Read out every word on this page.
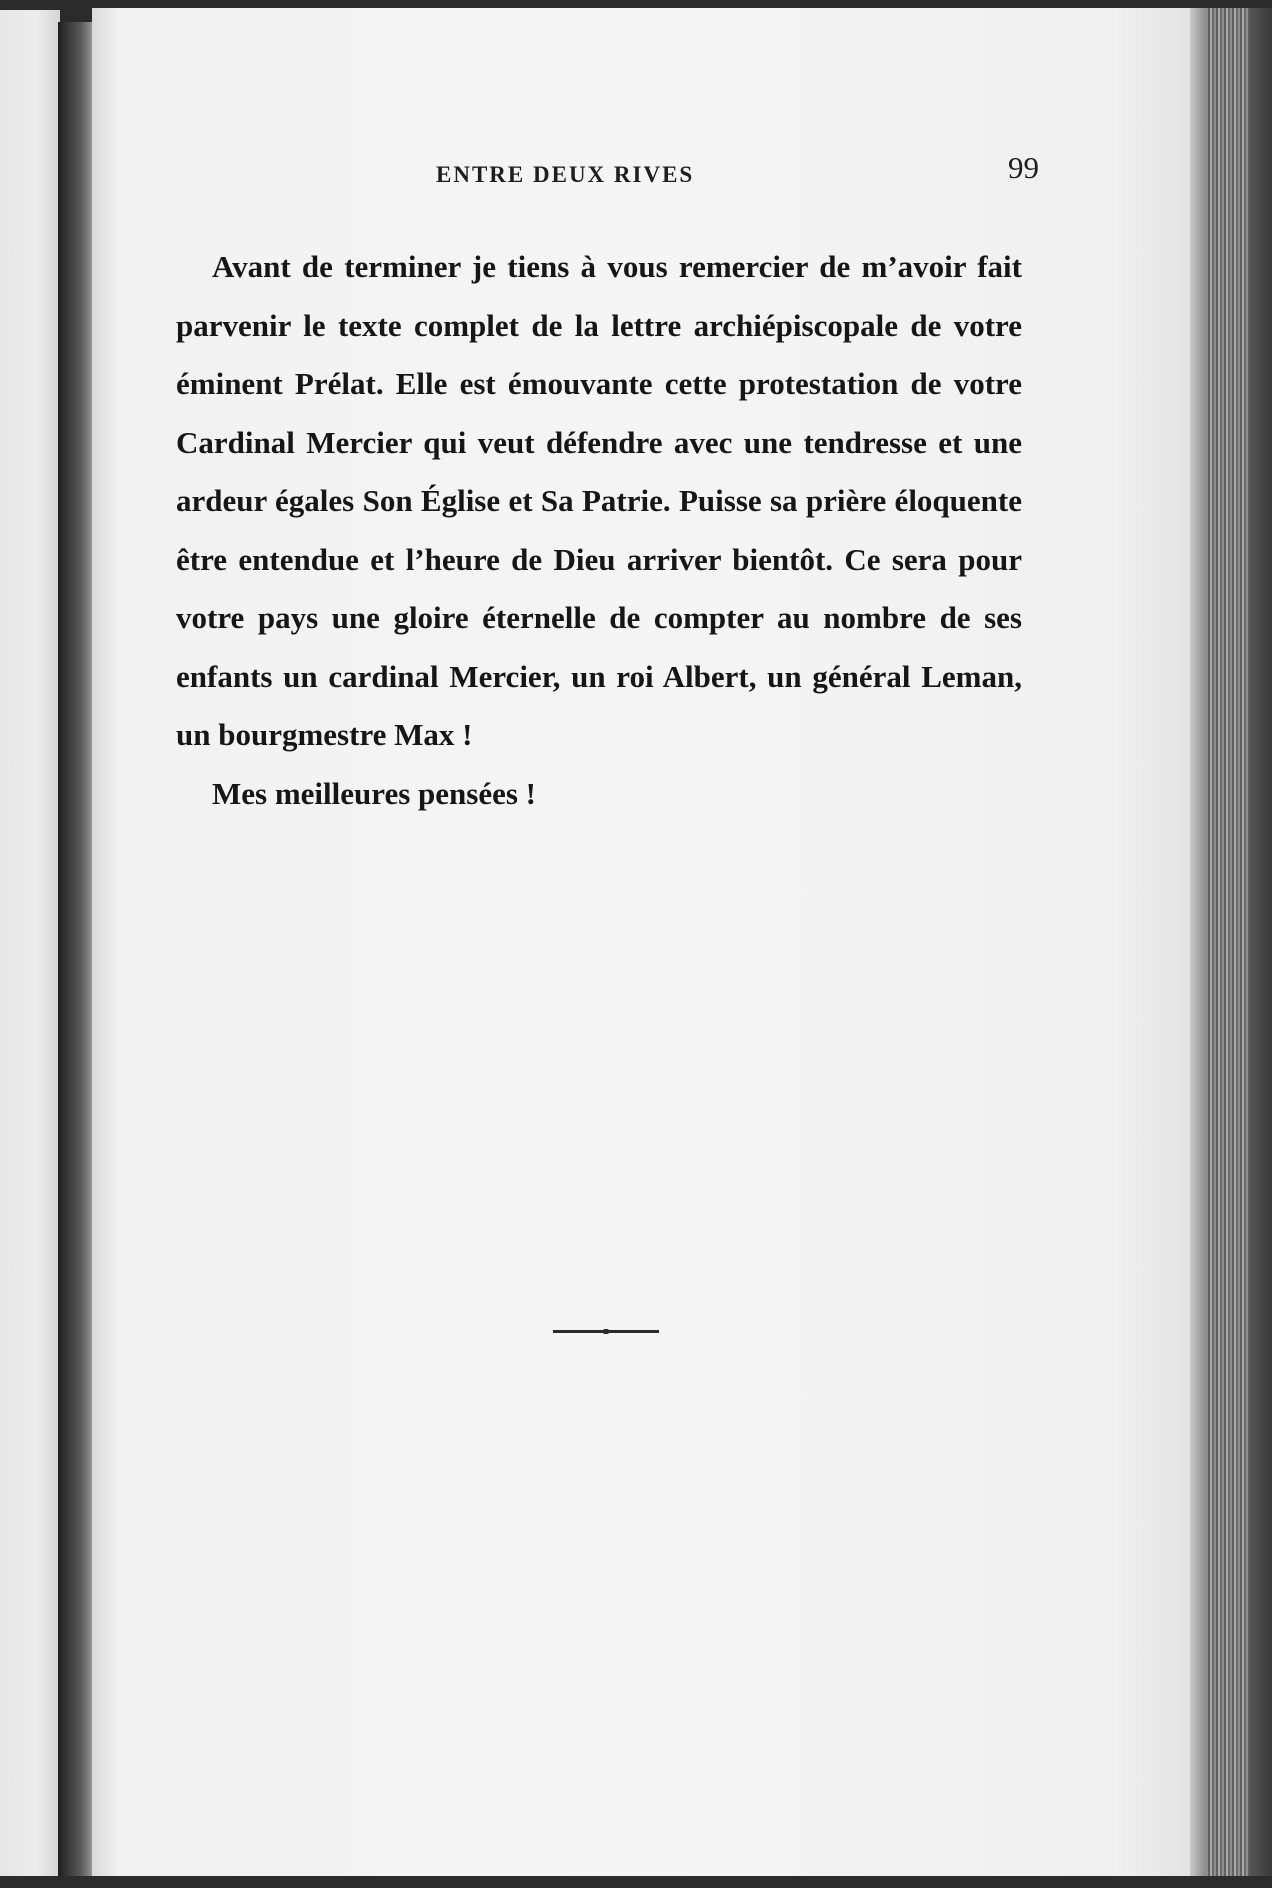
ENTRE DEUX RIVES	99

Avant de terminer je tiens à vous remercier de m’avoir fait parvenir le texte complet de la lettre archiépiscopale de votre éminent Prélat. Elle est émouvante cette protestation de votre Cardinal Mercier qui veut défendre avec une tendresse et une ardeur égales Son Église et Sa Patrie. Puisse sa prière éloquente être entendue et l’heure de Dieu arriver bientôt. Ce sera pour votre pays une gloire éternelle de compter au nombre de ses enfants un cardinal Mercier, un roi Albert, un général Leman, un bourgmestre Max !

Mes meilleures pensées !
